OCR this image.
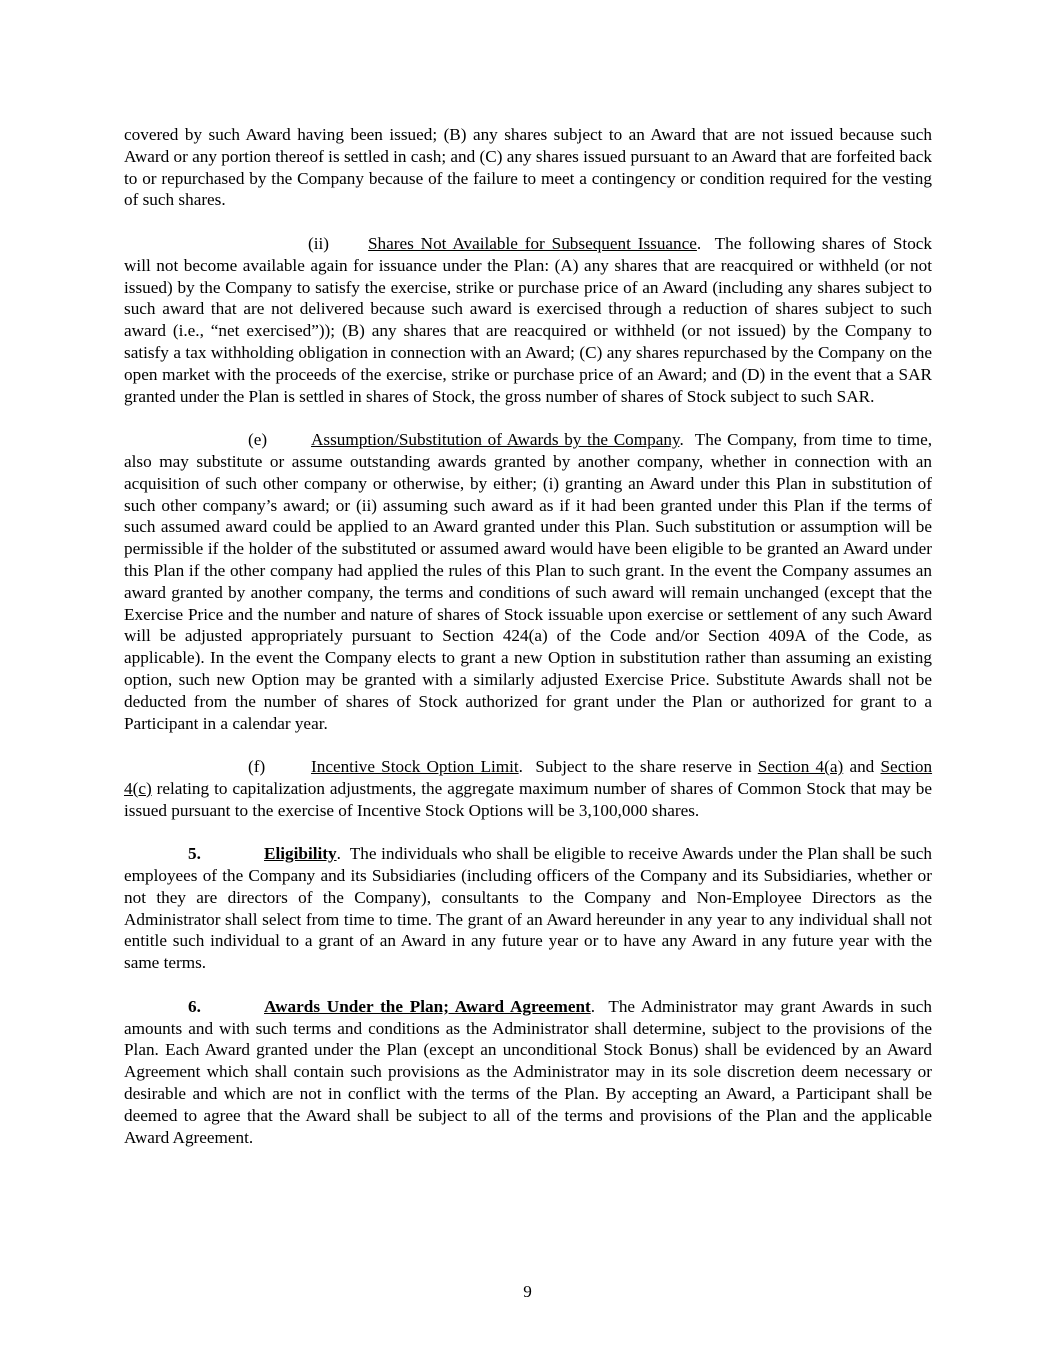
covered by such Award having been issued; (B) any shares subject to an Award that are not issued because such Award or any portion thereof is settled in cash; and (C) any shares issued pursuant to an Award that are forfeited back to or repurchased by the Company because of the failure to meet a contingency or condition required for the vesting of such shares.

(ii) Shares Not Available for Subsequent Issuance.  The following shares of Stock will not become available again for issuance under the Plan: (A) any shares that are reacquired or withheld (or not issued) by the Company to satisfy the exercise, strike or purchase price of an Award (including any shares subject to such award that are not delivered because such award is exercised through a reduction of shares subject to such award (i.e., “net exercised”)); (B) any shares that are reacquired or withheld (or not issued) by the Company to satisfy a tax withholding obligation in connection with an Award; (C) any shares repurchased by the Company on the open market with the proceeds of the exercise, strike or purchase price of an Award; and (D) in the event that a SAR granted under the Plan is settled in shares of Stock, the gross number of shares of Stock subject to such SAR.

(e)	Assumption/Substitution of Awards by the Company.  The Company, from time to time, also may substitute or assume outstanding awards granted by another company, whether in connection with an acquisition of such other company or otherwise, by either; (i) granting an Award under this Plan in substitution of such other company’s award; or (ii) assuming such award as if it had been granted under this Plan if the terms of such assumed award could be applied to an Award granted under this Plan. Such substitution or assumption will be permissible if the holder of the substituted or assumed award would have been eligible to be granted an Award under this Plan if the other company had applied the rules of this Plan to such grant. In the event the Company assumes an award granted by another company, the terms and conditions of such award will remain unchanged (except that the Exercise Price and the number and nature of shares of Stock issuable upon exercise or settlement of any such Award will be adjusted appropriately pursuant to Section 424(a) of the Code and/or Section 409A of the Code, as applicable). In the event the Company elects to grant a new Option in substitution rather than assuming an existing option, such new Option may be granted with a similarly adjusted Exercise Price. Substitute Awards shall not be deducted from the number of shares of Stock authorized for grant under the Plan or authorized for grant to a Participant in a calendar year.

(f)	Incentive Stock Option Limit.  Subject to the share reserve in Section 4(a) and Section 4(c) relating to capitalization adjustments, the aggregate maximum number of shares of Common Stock that may be issued pursuant to the exercise of Incentive Stock Options will be 3,100,000 shares.

5.	Eligibility.  The individuals who shall be eligible to receive Awards under the Plan shall be such employees of the Company and its Subsidiaries (including officers of the Company and its Subsidiaries, whether or not they are directors of the Company), consultants to the Company and Non-Employee Directors as the Administrator shall select from time to time. The grant of an Award hereunder in any year to any individual shall not entitle such individual to a grant of an Award in any future year or to have any Award in any future year with the same terms.

6.	Awards Under the Plan; Award Agreement.  The Administrator may grant Awards in such amounts and with such terms and conditions as the Administrator shall determine, subject to the provisions of the Plan. Each Award granted under the Plan (except an unconditional Stock Bonus) shall be evidenced by an Award Agreement which shall contain such provisions as the Administrator may in its sole discretion deem necessary or desirable and which are not in conflict with the terms of the Plan. By accepting an Award, a Participant shall be deemed to agree that the Award shall be subject to all of the terms and provisions of the Plan and the applicable Award Agreement.

9
